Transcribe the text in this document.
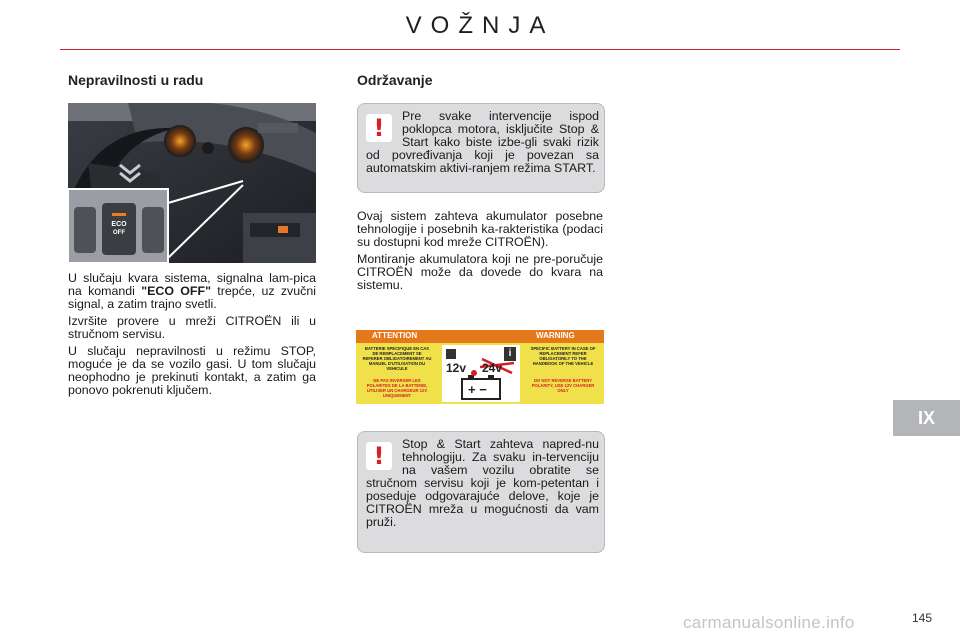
VOŽNJA
Nepravilnosti u radu	Održavanje
ECO
OFF

U slučaju kvara sistema, signalna lam-pica na komandi "ECO OFF" trepće, uz zvučni signal, a zatim trajno svetli.

Izvršite provere u mreži CITROËN ili u stručnom servisu.

U slučaju nepravilnosti u režimu STOP, moguće je da se vozilo gasi. U tom slučaju neophodno je prekinuti kontakt, a zatim ga ponovo pokrenuti ključem.

! Pre svake intervencije ispod poklopca motora, isključite Stop & Start kako biste izbe-gli svaki rizik od povređivanja koji je povezan sa automatskim aktivi-ranjem režima START.

Ovaj sistem zahteva akumulator posebne tehnologije i posebnih ka-rakteristika (podaci su dostupni kod mreže CITROËN).

Montiranje akumulatora koji ne pre-poručuje CITROËN može da dovede do kvara na sistemu.

ATTENTION	WARNING
BATTERIE SPECIFIQUE EN CAS DE REMPLACEMENT SE REFERER OBLIGATOIREMENT AU MANUEL D'UTILISATION DU VEHICULE
NE PAS INVERSER LES POLARITES DE LA BATTERIE, UTILISER UN CHARGEUR 12V UNIQUEMENT
12v 24v
i
+ −
SPECIFIC BATTERY IN CASE OF REPLACEMENT REFER OBLIGATORILY TO THE HANDBOOK OF THE VEHICLE
DO NOT REVERSE BATTERY POLARITY, USE 12V CHARGER ONLY
! Stop & Start zahteva napred-nu tehnologiju. Za svaku in-tervenciju na vašem vozilu obratite se stručnom servisu koji je kom-petentan i poseduje odgovarajuće delove, koje je CITROËN mreža u mogućnosti da vam pruži.
IX
carmanualsonline.info	145
